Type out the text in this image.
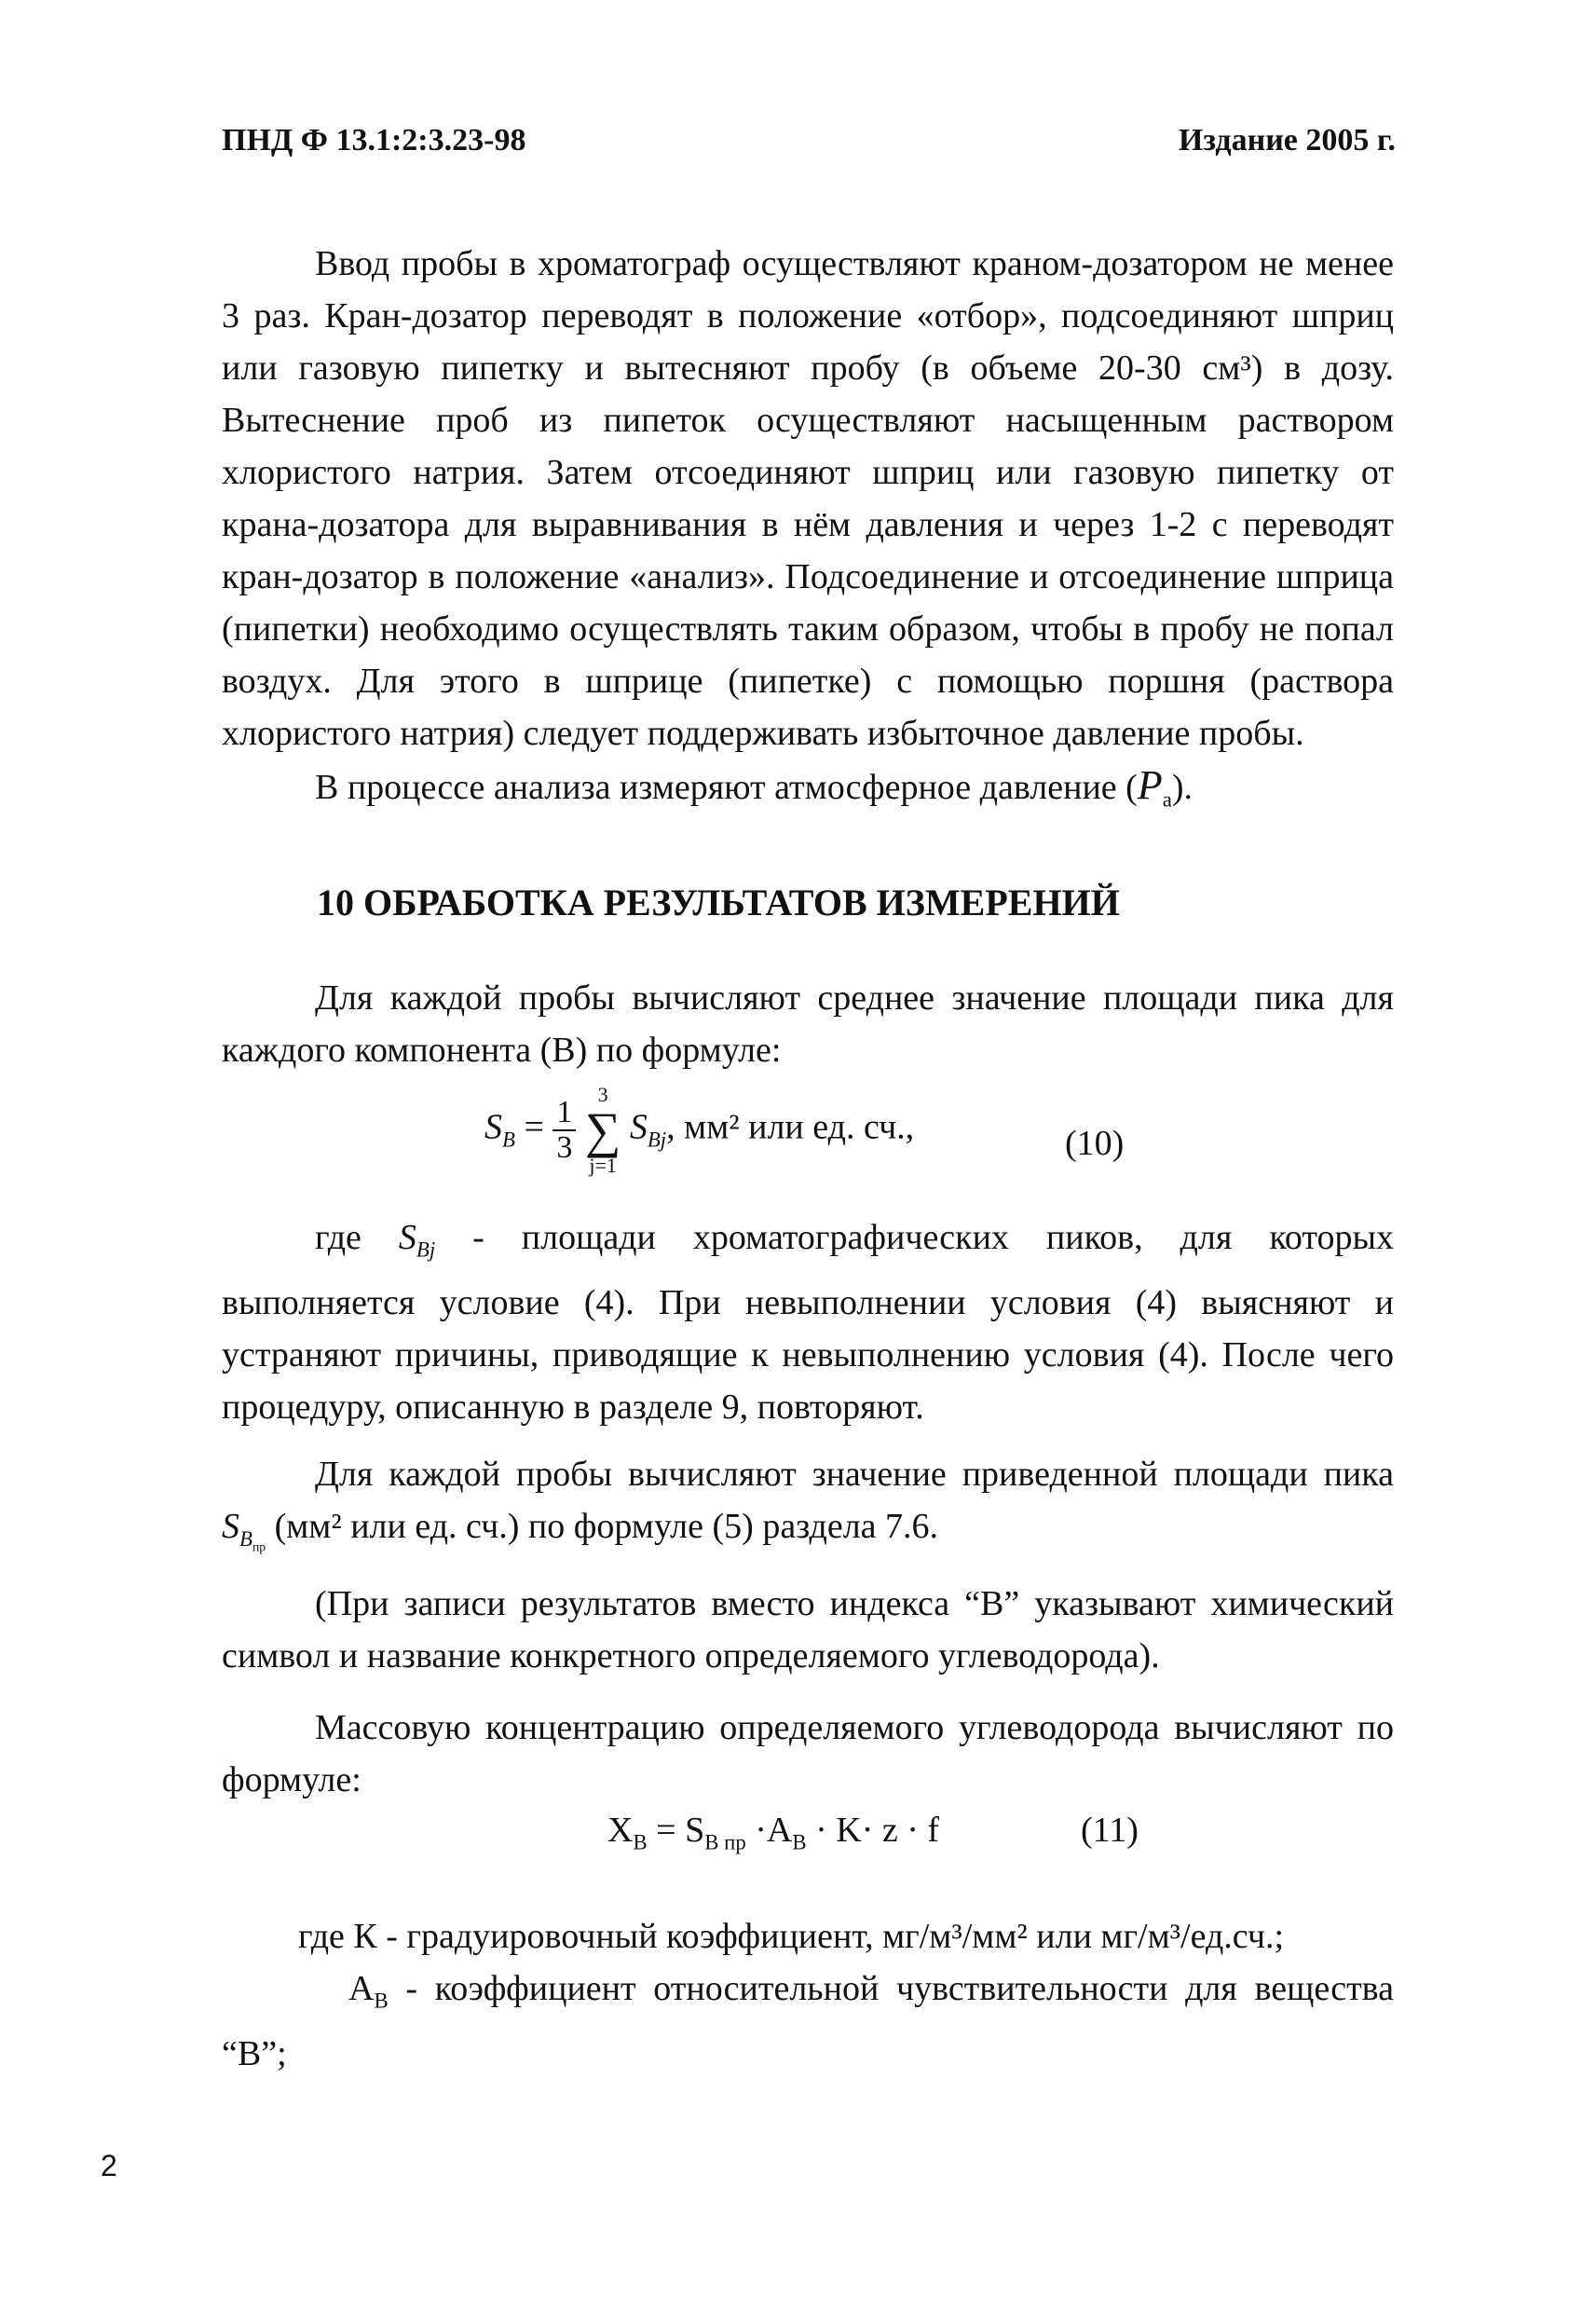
ПНД Ф 13.1:2:3.23-98	Издание 2005 г.

Ввод пробы в хроматограф осуществляют краном-дозатором не менее 3 раз. Кран-дозатор переводят в положение «отбор», подсоединяют шприц или газовую пипетку и вытесняют пробу (в объеме 20-30 см³) в дозу. Вытеснение проб из пипеток осуществляют насыщенным раствором хлористого натрия. Затем отсоединяют шприц или газовую пипетку от крана-дозатора для выравнивания в нём давления и через 1-2 с переводят кран-дозатор в положение «анализ». Подсоединение и отсоединение шприца (пипетки) необходимо осуществлять таким образом, чтобы в пробу не попал воздух. Для этого в шприце (пипетке) с помощью поршня (раствора хлористого натрия) следует поддерживать избыточное давление пробы.

В процессе анализа измеряют атмосферное давление $(P_а)$.

10 ОБРАБОТКА РЕЗУЛЬТАТОВ ИЗМЕРЕНИЙ

Для каждой пробы вычисляют среднее значение площади пика для каждого компонента (В) по формуле:

$S_B = \frac{1}{3}$

3
∑
j=1
$S_{Bj}$, мм² или ед. сч.,	(10)

где $S_{Bj}$ - площади хроматографических пиков, для которых выполняется условие (4). При невыполнении условия (4) выясняют и устраняют причины, приводящие к невыполнению условия (4). После чего процедуру, описанную в разделе 9, повторяют.

Для каждой пробы вычисляют значение приведенной площади пика $S_{B_{пр}}$ (мм² или ед. сч.) по формуле (5) раздела 7.6.

(При записи результатов вместо индекса “В” указывают химический символ и название конкретного определяемого углеводорода).

Массовую концентрацию определяемого углеводорода вычисляют по формуле:

$X_B = S_{B пр} \cdot A_B \cdot K\cdot z \cdot f$	(11)

где К - градуировочный коэффициент, мг/м³/мм² или мг/м³/ед.сч.;

$A_B$ - коэффициент относительной чувствительности для вещества “B”;

2
